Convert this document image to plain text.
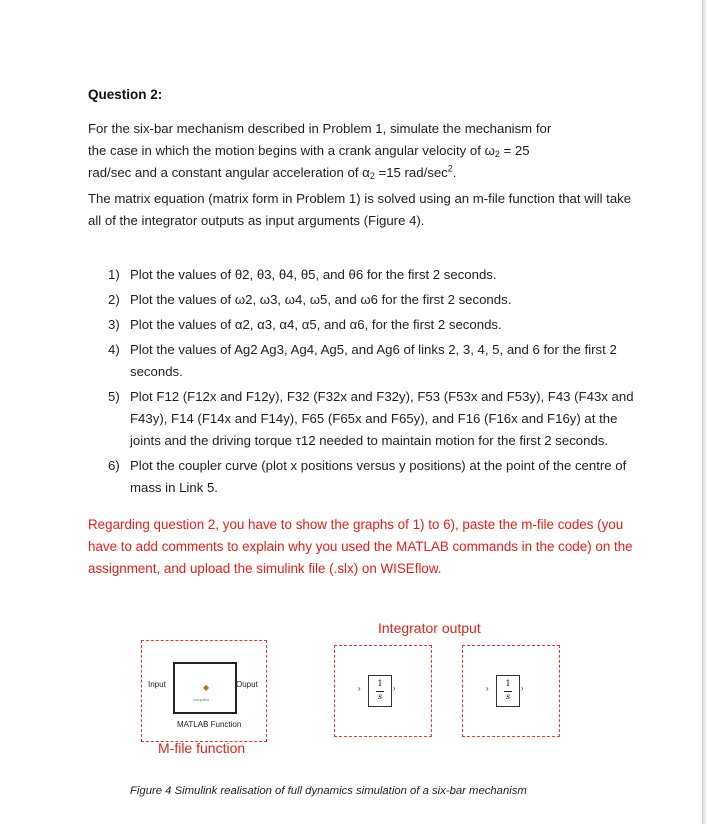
Question 2:
For the six-bar mechanism described in Problem 1, simulate the mechanism for
the case in which the motion begins with a crank angular velocity of $\omega_2 = 25$
rad/sec and a constant angular acceleration of $\alpha_2 =15$ rad/$\sec^2$.
The matrix equation (matrix form in Problem 1) is solved using an m-file function that will take all of the integrator outputs as input arguments (Figure 4).
1) Plot the values of θ2, θ3, θ4, θ5, and θ6 for the first 2 seconds.
2) Plot the values of ω2, ω3, ω4, ω5, and ω6 for the first 2 seconds.
3) Plot the values of α2, α3, α4, α5, and α6, for the first 2 seconds.
4) Plot the values of Ag2 Ag3, Ag4, Ag5, and Ag6 of links 2, 3, 4, 5, and 6 for the first 2 seconds.
5) Plot F12 (F12x and F12y), F32 (F32x and F32y), F53 (F53x and F53y), F43 (F43x and F43y), F14 (F14x and F14y), F65 (F65x and F65y), and F16 (F16x and F16y) at the joints and the driving torque τ12 needed to maintain motion for the first 2 seconds.
6) Plot the coupler curve (plot x positions versus y positions) at the point of the centre of mass in Link 5.
Regarding question 2, you have to show the graphs of 1) to 6), paste the m-file codes (you have to add comments to explain why you used the MATLAB commands in the code) on the assignment, and upload the simulink file (.slx) on WISEflow.
Integrator output
Input	Ouput
◆
compiled
MATLAB Function
1
s
›	›
1
s
›	›
M-file function
Figure 4 Simulink realisation of full dynamics simulation of a six-bar mechanism
